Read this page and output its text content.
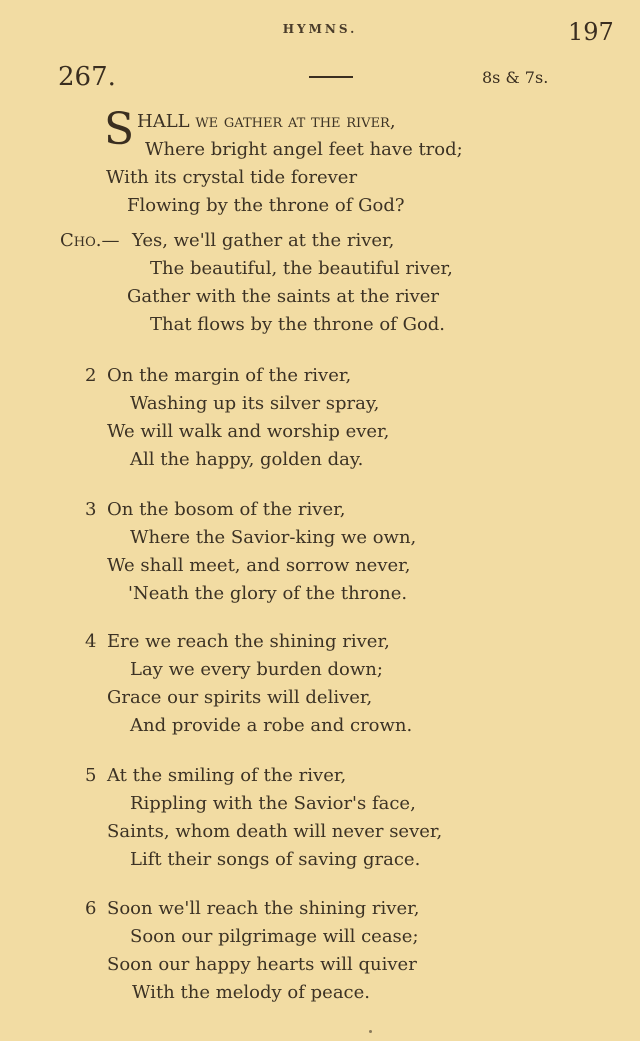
HYMNS.	197
267.	8s & 7s.
S HALL we gather at the river,
Where bright angel feet have trod;
With its crystal tide forever
Flowing by the throne of God?
Cho.— Yes, we'll gather at the river,
The beautiful, the beautiful river,
Gather with the saints at the river
That flows by the throne of God.
2 On the margin of the river,
Washing up its silver spray,
We will walk and worship ever,
All the happy, golden day.
3 On the bosom of the river,
Where the Savior-king we own,
We shall meet, and sorrow never,
'Neath the glory of the throne.
4 Ere we reach the shining river,
Lay we every burden down;
Grace our spirits will deliver,
And provide a robe and crown.
5 At the smiling of the river,
Rippling with the Savior's face,
Saints, whom death will never sever,
Lift their songs of saving grace.
6 Soon we'll reach the shining river,
Soon our pilgrimage will cease;
Soon our happy hearts will quiver
With the melody of peace.
